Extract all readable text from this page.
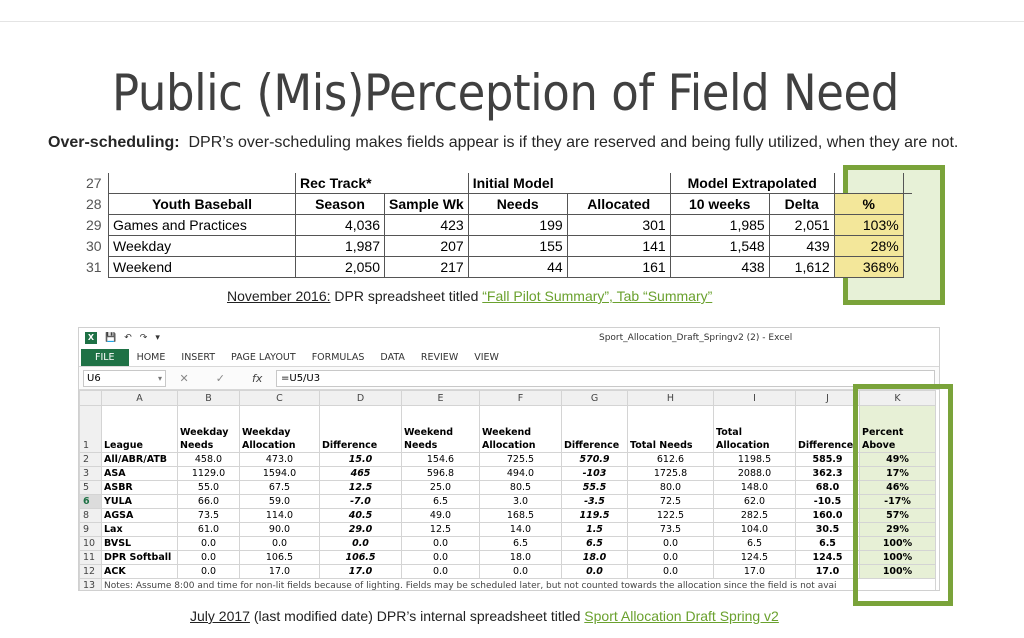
Public (Mis)Perception of Field Need
Over-scheduling: DPR’s over-scheduling makes fields appear is if they are reserved and being fully utilized, when they are not.
27		Rec Track*		Initial Model		Model Extrapolated			
28	Youth Baseball	Season	Sample Wk	Needs	Allocated	10 weeks	Delta	%	
29	Games and Practices	4,036	423	199	301	1,985	2,051	103%	
30	Weekday	1,987	207	155	141	1,548	439	28%	
31	Weekend	2,050	217	44	161	438	1,612	368%	
November 2016: DPR spreadsheet titled “Fall Pilot Summary”, Tab “Summary”
X	💾 ↶ ↷ ▾	Sport_Allocation_Draft_Springv2 (2) - Excel
FILE	HOME	INSERT	PAGE LAYOUT	FORMULAS	DATA	REVIEW	VIEW
U6 ▾	✕ ✓ fx	=U5/U3
	A	B	C	D	E	F	G	H	I	J	K
1	League	Weekday Needs	Weekday Allocation	Difference	Weekend Needs	Weekend Allocation	Difference	Total Needs	Total Allocation	Difference	Percent Above
2	All/ABR/ATB	458.0	473.0	15.0	154.6	725.5	570.9	612.6	1198.5	585.9	49%
3	ASA	1129.0	1594.0	465	596.8	494.0	-103	1725.8	2088.0	362.3	17%
5	ASBR	55.0	67.5	12.5	25.0	80.5	55.5	80.0	148.0	68.0	46%
6	YULA	66.0	59.0	-7.0	6.5	3.0	-3.5	72.5	62.0	-10.5	-17%
8	AGSA	73.5	114.0	40.5	49.0	168.5	119.5	122.5	282.5	160.0	57%
9	Lax	61.0	90.0	29.0	12.5	14.0	1.5	73.5	104.0	30.5	29%
10	BVSL	0.0	0.0	0.0	0.0	6.5	6.5	0.0	6.5	6.5	100%
11	DPR Softball	0.0	106.5	106.5	0.0	18.0	18.0	0.0	124.5	124.5	100%
12	ACK	0.0	17.0	17.0	0.0	0.0	0.0	0.0	17.0	17.0	100%
13	Notes: Assume 8:00 and time for non-lit fields because of lighting. Fields may be scheduled later, but not counted towards the allocation since the field is not avai										
July 2017 (last modified date) DPR’s internal spreadsheet titled Sport Allocation Draft Spring v2
